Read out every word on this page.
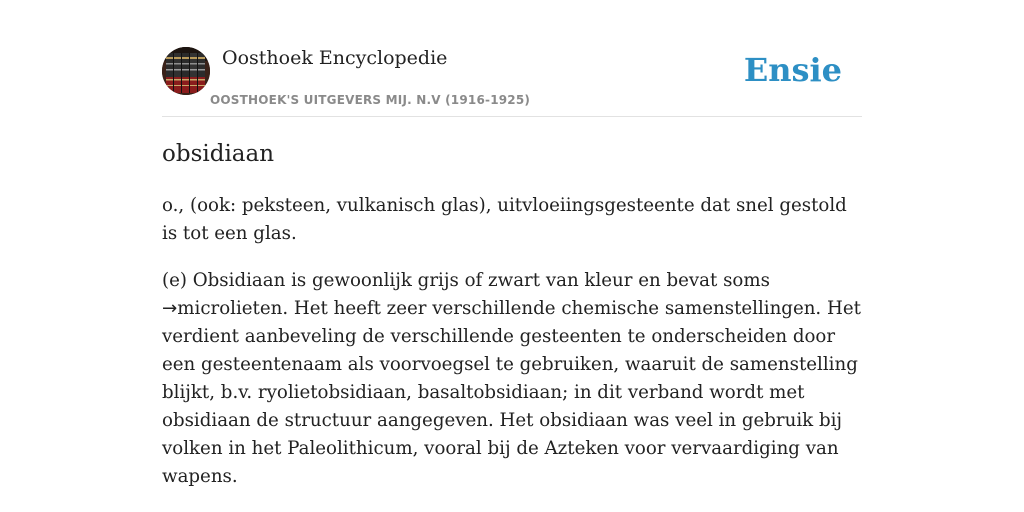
Oosthoek Encyclopedie
OOSTHOEK'S UITGEVERS MIJ. N.V (1916-1925)
Ensie
obsidiaan

o., (ook: peksteen, vulkanisch glas), uitvloeiingsgesteente dat snel gestold is tot een glas.

(e) Obsidiaan is gewoonlijk grijs of zwart van kleur en bevat soms →microlieten. Het heeft zeer verschillende chemische samenstellingen. Het verdient aanbeveling de verschillende gesteenten te onderscheiden door een gesteentenaam als voorvoegsel te gebruiken, waaruit de samenstelling blijkt, b.v. ryolietobsidiaan, basaltobsidiaan; in dit verband wordt met obsidiaan de structuur aangegeven. Het obsidiaan was veel in gebruik bij volken in het Paleolithicum, vooral bij de Azteken voor vervaardiging van wapens.
